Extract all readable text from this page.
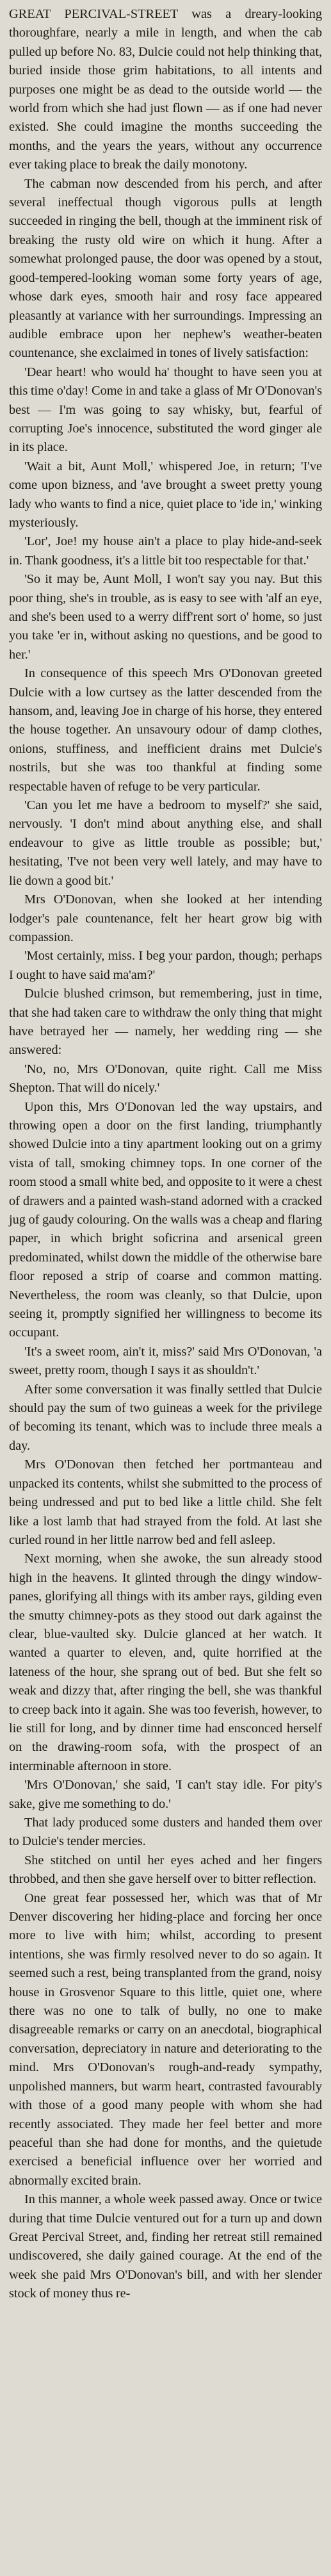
GREAT PERCIVAL-STREET was a dreary-looking thoroughfare, nearly a mile in length, and when the cab pulled up before No. 83, Dulcie could not help thinking that, buried inside those grim habitations, to all intents and purposes one might be as dead to the outside world — the world from which she had just flown — as if one had never existed. She could imagine the months succeeding the months, and the years the years, without any occurrence ever taking place to break the daily monotony.

The cabman now descended from his perch, and after several ineffectual though vigorous pulls at length succeeded in ringing the bell, though at the imminent risk of breaking the rusty old wire on which it hung. After a somewhat prolonged pause, the door was opened by a stout, good-tempered-looking woman some forty years of age, whose dark eyes, smooth hair and rosy face appeared pleasantly at variance with her surroundings. Impressing an audible embrace upon her nephew's weather-beaten countenance, she exclaimed in tones of lively satisfaction:

'Dear heart! who would ha' thought to have seen you at this time o'day! Come in and take a glass of Mr O'Donovan's best — I'm was going to say whisky, but, fearful of corrupting Joe's innocence, substituted the word ginger ale in its place.

'Wait a bit, Aunt Moll,' whispered Joe, in return; 'I've come upon bizness, and 'ave brought a sweet pretty young lady who wants to find a nice, quiet place to 'ide in,' winking mysteriously.

'Lor', Joe! my house ain't a place to play hide-and-seek in. Thank goodness, it's a little bit too respectable for that.'

'So it may be, Aunt Moll, I won't say you nay. But this poor thing, she's in trouble, as is easy to see with 'alf an eye, and she's been used to a werry diff'rent sort o' home, so just you take 'er in, without asking no questions, and be good to her.'

In consequence of this speech Mrs O'Donovan greeted Dulcie with a low curtsey as the latter descended from the hansom, and, leaving Joe in charge of his horse, they entered the house together. An unsavoury odour of damp clothes, onions, stuffiness, and inefficient drains met Dulcie's nostrils, but she was too thankful at finding some respectable haven of refuge to be very particular.

'Can you let me have a bedroom to myself?' she said, nervously. 'I don't mind about anything else, and shall endeavour to give as little trouble as possible; but,' hesitating, 'I've not been very well lately, and may have to lie down a good bit.'

Mrs O'Donovan, when she looked at her intending lodger's pale countenance, felt her heart grow big with compassion.

'Most certainly, miss. I beg your pardon, though; perhaps I ought to have said ma'am?'

Dulcie blushed crimson, but remembering, just in time, that she had taken care to withdraw the only thing that might have betrayed her — namely, her wedding ring — she answered:

'No, no, Mrs O'Donovan, quite right. Call me Miss Shepton. That will do nicely.'

Upon this, Mrs O'Donovan led the way upstairs, and throwing open a door on the first landing, triumphantly showed Dulcie into a tiny apartment looking out on a grimy vista of tall, smoking chimney tops. In one corner of the room stood a small white bed, and opposite to it were a chest of drawers and a painted wash-stand adorned with a cracked jug of gaudy colouring. On the walls was a cheap and flaring paper, in which bright soficrina and arsenical green predominated, whilst down the middle of the otherwise bare floor reposed a strip of coarse and common matting. Nevertheless, the room was cleanly, so that Dulcie, upon seeing it, promptly signified her willingness to become its occupant.

'It's a sweet room, ain't it, miss?' said Mrs O'Donovan, 'a sweet, pretty room, though I says it as shouldn't.'

After some conversation it was finally settled that Dulcie should pay the sum of two guineas a week for the privilege of becoming its tenant, which was to include three meals a day.

Mrs O'Donovan then fetched her portmanteau and unpacked its contents, whilst she submitted to the process of being undressed and put to bed like a little child. She felt like a lost lamb that had strayed from the fold. At last she curled round in her little narrow bed and fell asleep.

Next morning, when she awoke, the sun already stood high in the heavens. It glinted through the dingy window-panes, glorifying all things with its amber rays, gilding even the smutty chimney-pots as they stood out dark against the clear, blue-vaulted sky. Dulcie glanced at her watch. It wanted a quarter to eleven, and, quite horrified at the lateness of the hour, she sprang out of bed. But she felt so weak and dizzy that, after ringing the bell, she was thankful to creep back into it again. She was too feverish, however, to lie still for long, and by dinner time had ensconced herself on the drawing-room sofa, with the prospect of an interminable afternoon in store.

'Mrs O'Donovan,' she said, 'I can't stay idle. For pity's sake, give me something to do.'

That lady produced some dusters and handed them over to Dulcie's tender mercies.

She stitched on until her eyes ached and her fingers throbbed, and then she gave herself over to bitter reflection.

One great fear possessed her, which was that of Mr Denver discovering her hiding-place and forcing her once more to live with him; whilst, according to present intentions, she was firmly resolved never to do so again. It seemed such a rest, being transplanted from the grand, noisy house in Grosvenor Square to this little, quiet one, where there was no one to talk of bully, no one to make disagreeable remarks or carry on an anecdotal, biographical conversation, depreciatory in nature and deteriorating to the mind. Mrs O'Donovan's rough-and-ready sympathy, unpolished manners, but warm heart, contrasted favourably with those of a good many people with whom she had recently associated. They made her feel better and more peaceful than she had done for months, and the quietude exercised a beneficial influence over her worried and abnormally excited brain.

In this manner, a whole week passed away. Once or twice during that time Dulcie ventured out for a turn up and down Great Percival Street, and, finding her retreat still remained undiscovered, she daily gained courage. At the end of the week she paid Mrs O'Donovan's bill, and with her slender stock of money thus re-
